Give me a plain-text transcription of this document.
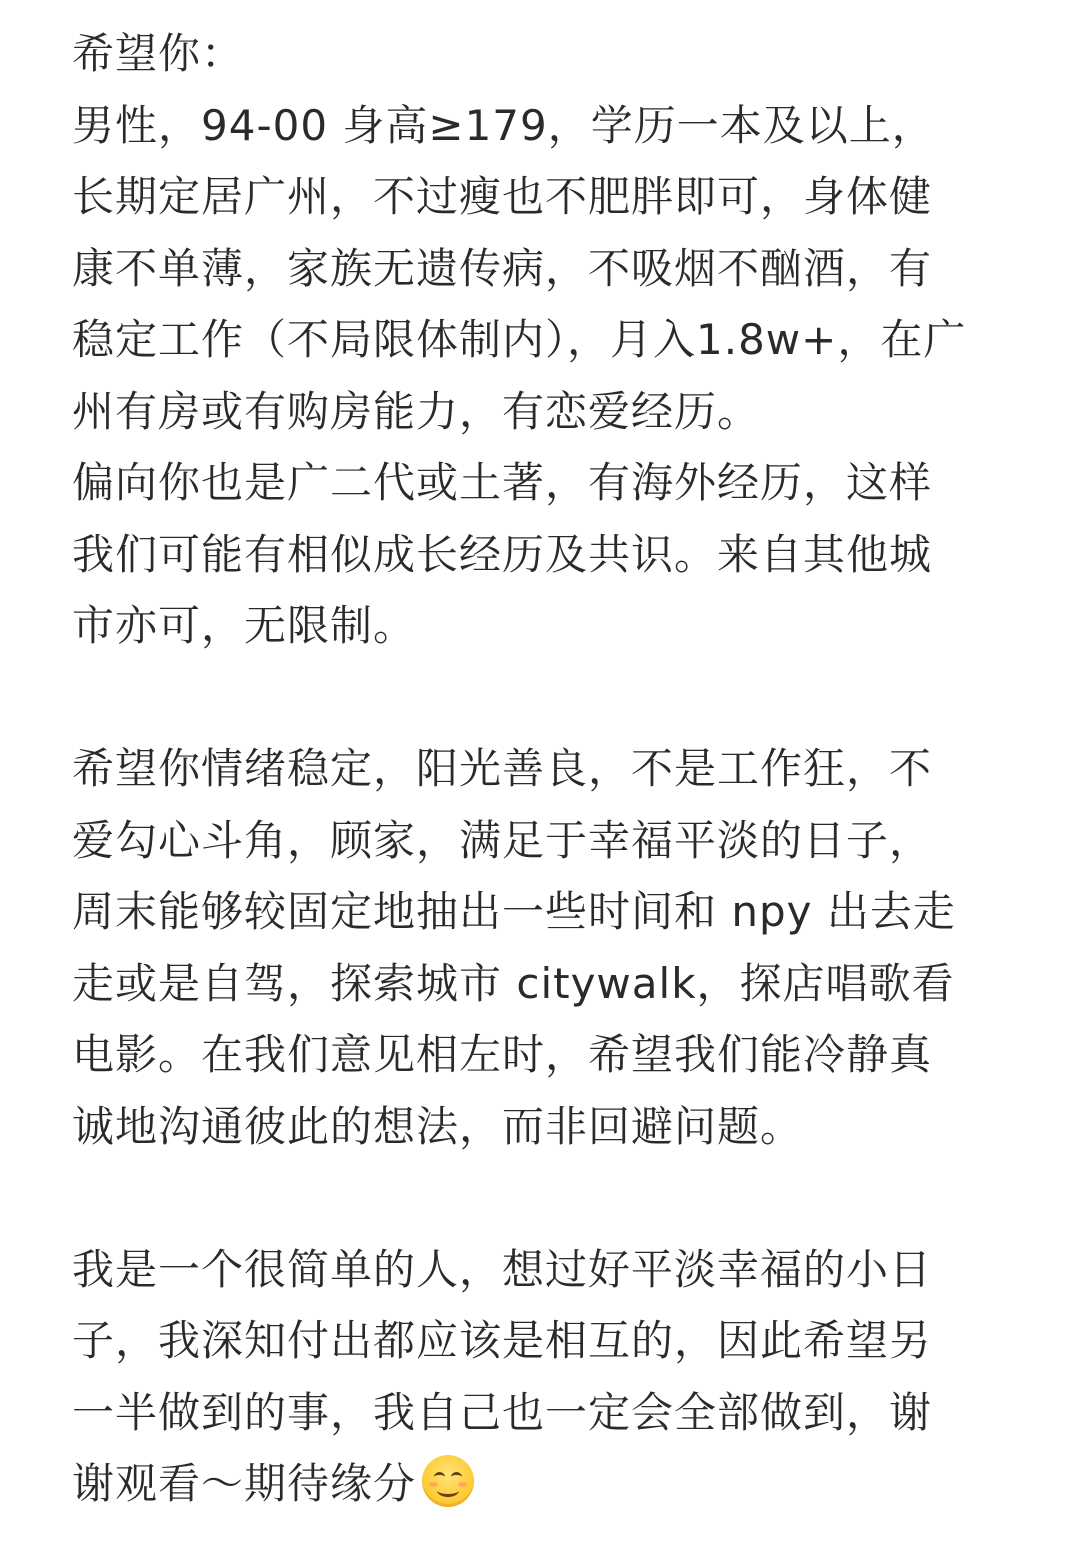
希望你：
男性，94-00 身高≥179，学历一本及以上，
长期定居广州，不过瘦也不肥胖即可，身体健
康不单薄，家族无遗传病，不吸烟不酗酒，有
稳定工作（不局限体制内），月入1.8w+，在广
州有房或有购房能力，有恋爱经历。
偏向你也是广二代或土著，有海外经历，这样
我们可能有相似成长经历及共识。来自其他城
市亦可，无限制。
希望你情绪稳定，阳光善良，不是工作狂，不
爱勾心斗角，顾家，满足于幸福平淡的日子，
周末能够较固定地抽出一些时间和 npy 出去走
走或是自驾，探索城市 citywalk，探店唱歌看
电影。在我们意见相左时，希望我们能冷静真
诚地沟通彼此的想法，而非回避问题。
我是一个很简单的人，想过好平淡幸福的小日
子，我深知付出都应该是相互的，因此希望另
一半做到的事，我自己也一定会全部做到，谢
谢观看～期待缘分
